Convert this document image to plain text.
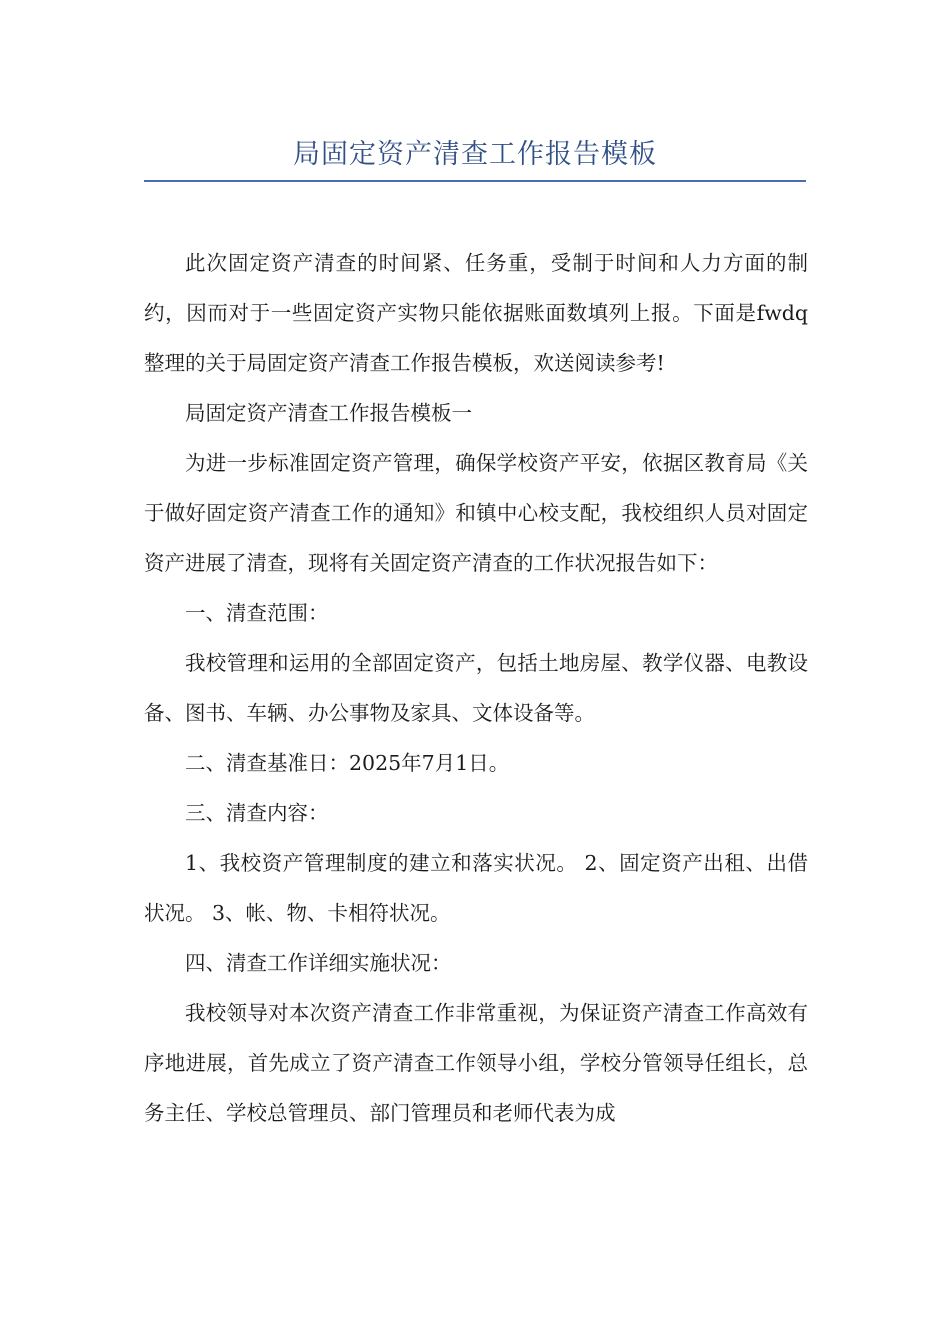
局固定资产清查工作报告模板

此次固定资产清查的时间紧、任务重，受制于时间和人力方面的制约，因而对于一些固定资产实物只能依据账面数填列上报。下面是fwdq整理的关于局固定资产清查工作报告模板，欢送阅读参考!

局固定资产清查工作报告模板一

为进一步标准固定资产管理，确保学校资产平安，依据区教育局《关于做好固定资产清查工作的通知》和镇中心校支配，我校组织人员对固定资产进展了清查，现将有关固定资产清查的工作状况报告如下：

一、清查范围：

我校管理和运用的全部固定资产，包括土地房屋、教学仪器、电教设备、图书、车辆、办公事物及家具、文体设备等。

二、清查基准日：2025年7月1日。

三、清查内容：

1、我校资产管理制度的建立和落实状况。 2、固定资产出租、出借状况。 3、帐、物、卡相符状况。

四、清查工作详细实施状况：

我校领导对本次资产清查工作非常重视，为保证资产清查工作高效有序地进展，首先成立了资产清查工作领导小组，学校分管领导任组长，总务主任、学校总管理员、部门管理员和老师代表为成
